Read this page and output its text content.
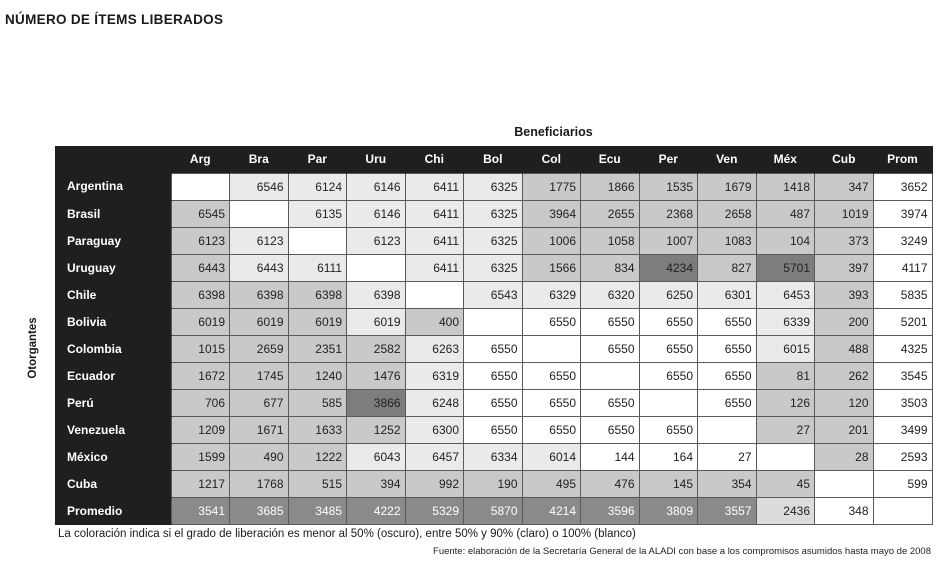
NÚMERO DE ÍTEMS LIBERADOS
Beneficiarios
Otorgantes
	Arg	Bra	Par	Uru	Chi	Bol	Col	Ecu	Per	Ven	Méx	Cub	Prom
Argentina		6546	6124	6146	6411	6325	1775	1866	1535	1679	1418	347	3652
Brasil	6545		6135	6146	6411	6325	3964	2655	2368	2658	487	1019	3974
Paraguay	6123	6123		6123	6411	6325	1006	1058	1007	1083	104	373	3249
Uruguay	6443	6443	6111		6411	6325	1566	834	4234	827	5701	397	4117
Chile	6398	6398	6398	6398		6543	6329	6320	6250	6301	6453	393	5835
Bolivia	6019	6019	6019	6019	400		6550	6550	6550	6550	6339	200	5201
Colombia	1015	2659	2351	2582	6263	6550		6550	6550	6550	6015	488	4325
Ecuador	1672	1745	1240	1476	6319	6550	6550		6550	6550	81	262	3545
Perú	706	677	585	3866	6248	6550	6550	6550		6550	126	120	3503
Venezuela	1209	1671	1633	1252	6300	6550	6550	6550	6550		27	201	3499
México	1599	490	1222	6043	6457	6334	6014	144	164	27		28	2593
Cuba	1217	1768	515	394	992	190	495	476	145	354	45		599
Promedio	3541	3685	3485	4222	5329	5870	4214	3596	3809	3557	2436	348	
La coloración indica si el grado de liberación es menor al 50% (oscuro), entre 50% y 90% (claro) o 100% (blanco)
Fuente: elaboración de la Secretaría General de la ALADI con base a los compromisos asumidos hasta mayo de 2008
